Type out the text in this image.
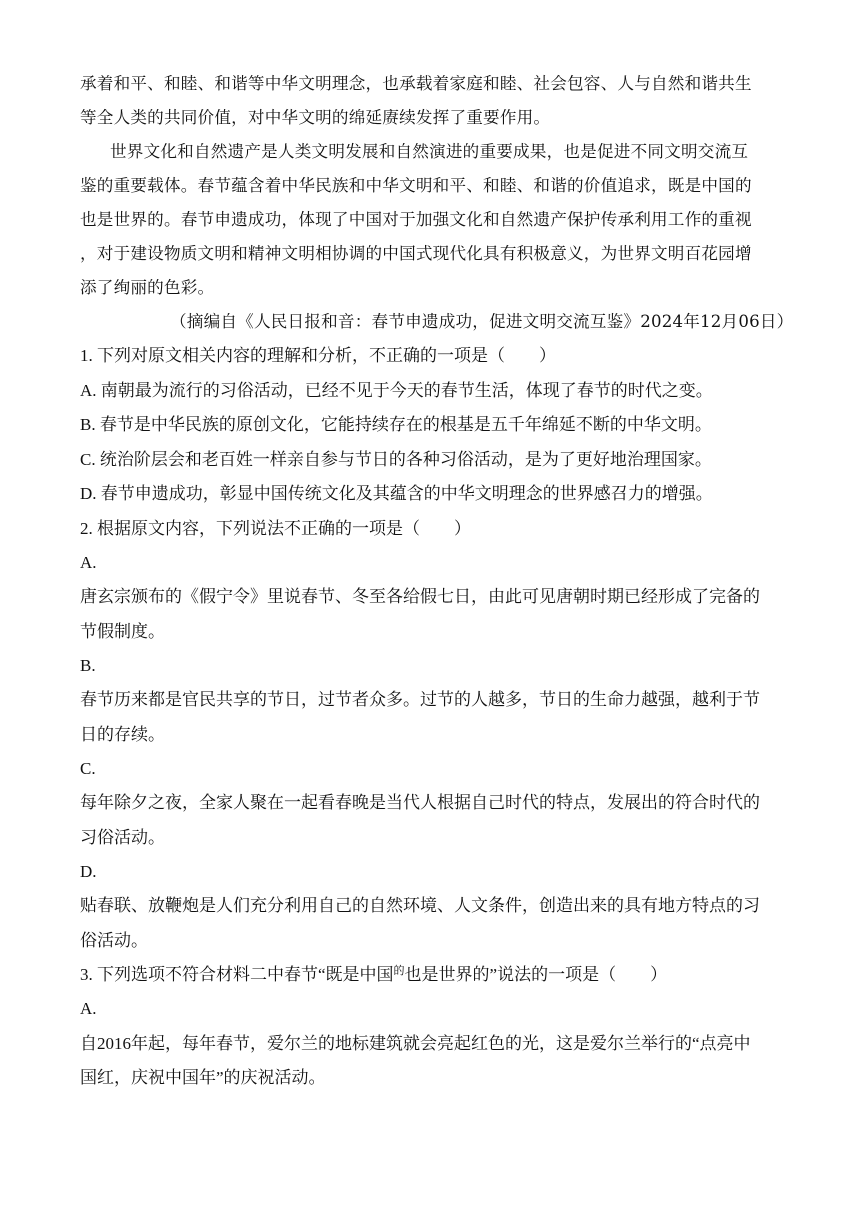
承着和平、和睦、和谐等中华文明理念，也承载着家庭和睦、社会包容、人与自然和谐共生
等全人类的共同价值，对中华文明的绵延赓续发挥了重要作用。
世界文化和自然遗产是人类文明发展和自然演进的重要成果，也是促进不同文明交流互
鉴的重要载体。春节蕴含着中华民族和中华文明和平、和睦、和谐的价值追求，既是中国的
也是世界的。春节申遗成功，体现了中国对于加强文化和自然遗产保护传承利用工作的重视
，对于建设物质文明和精神文明相协调的中国式现代化具有积极意义，为世界文明百花园增
添了绚丽的色彩。
（摘编自《人民日报和音：春节申遗成功，促进文明交流互鉴》2024年12月06日）
1. 下列对原文相关内容的理解和分析，不正确的一项是（　　）
A. 南朝最为流行的习俗活动，已经不见于今天的春节生活，体现了春节的时代之变。
B. 春节是中华民族的原创文化，它能持续存在的根基是五千年绵延不断的中华文明。
C. 统治阶层会和老百姓一样亲自参与节日的各种习俗活动，是为了更好地治理国家。
D. 春节申遗成功，彰显中国传统文化及其蕴含的中华文明理念的世界感召力的增强。
2. 根据原文内容，下列说法不正确的一项是（　　）
A.
唐玄宗颁布的《假宁令》里说春节、冬至各给假七日，由此可见唐朝时期已经形成了完备的
节假制度。
B.
春节历来都是官民共享的节日，过节者众多。过节的人越多，节日的生命力越强，越利于节
日的存续。
C.
每年除夕之夜，全家人聚在一起看春晚是当代人根据自己时代的特点，发展出的符合时代的
习俗活动。
D.
贴春联、放鞭炮是人们充分利用自己的自然环境、人文条件，创造出来的具有地方特点的习
俗活动。
3. 下列选项不符合材料二中春节“既是中国$^的$也是世界的”说法的一项是（　　）
A.
自2016年起，每年春节，爱尔兰的地标建筑就会亮起红色的光，这是爱尔兰举行的“点亮中
国红，庆祝中国年”的庆祝活动。
